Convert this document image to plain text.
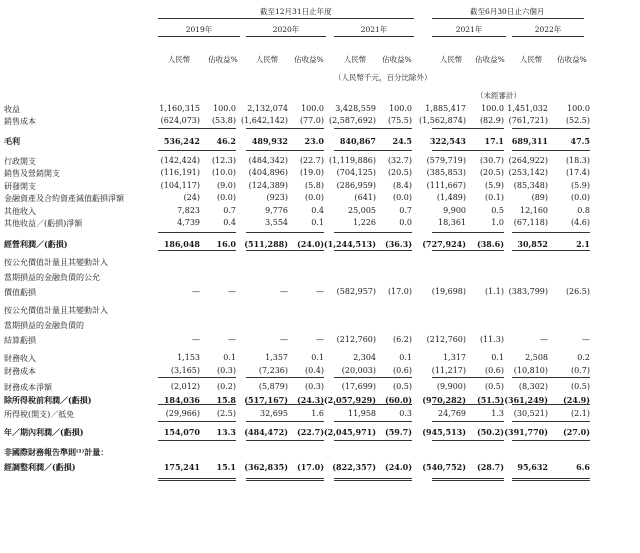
截至12月31日止年度	截至6月30日止六個月
2019年	2020年	2021年	2021年	2022年
人民幣	佔收益%	人民幣	佔收益%	人民幣	佔收益%	人民幣	佔收益%	人民幣	佔收益%
（人民幣千元，百分比除外）
（未經審計）
收益	1,160,315 100.0 2,132,074 100.0 3,428,559 100.0 1,885,417 100.0 1,451,032 100.0
銷售成本	(624,073) (53.8) (1,642,142) (77.0) (2,587,692) (75.5) (1,562,874) (82.9) (761,721) (52.5)
毛利	536,242 46.2 489,932 23.0 840,867 24.5 322,543 17.1 689,311	47.5
行政開支	(142,424) (12.3) (484,342) (22.7) (1,119,886) (32.7) (579,719) (30.7) (264,922) (18.3)
銷售及營銷開支	(116,191) (10.0) (404,896) (19.0) (704,125) (20.5) (385,853) (20.5) (253,142) (17.4)
研發開支	(104,117) (9.0) (124,389) (5.8) (286,959) (8.4) (111,667) (5.9) (85,348)	(5.9)
金融資產及合約資產減值虧損淨額	(24) (0.0)	(923) (0.0)	(641) (0.0)	(1,489) (0.1)	(89)	(0.0)
其他收入	7,823	0.7	9,776	0.4	25,005	0.7	9,900	0.5 12,160	0.8
其他收益／(虧損)淨額	4,739	0.4	3,554	0.1	1,226	0.0	18,361	1.0 (67,118)	(4.6)
經營利潤／(虧損)	186,048 16.0 (511,288) (24.0) (1,244,513) (36.3) (727,924) (38.6) 30,852	2.1
按公允價值計量且其變動計入
當期損益的金融負債的公允
價值虧損	—	—	—	— (582,957) (17.0) (19,698) (1.1) (383,799) (26.5)
按公允價值計量且其變動計入
當期損益的金融負債的
結算虧損	—	—	—	— (212,760) (6.2) (212,760) (11.3)	—	—
財務收入	1,153	0.1	1,357	0.1	2,304	0.1	1,317	0.1	2,508	0.2
財務成本	(3,165) (0.3)	(7,236) (0.4) (20,003) (0.6) (11,217) (0.6) (10,810)	(0.7)
財務成本淨額	(2,012) (0.2)	(5,879) (0.3) (17,699) (0.5)	(9,900) (0.5) (8,302)	(0.5)
除所得稅前利潤／(虧損)	184,036 15.8 (517,167) (24.3) (2,057,929) (60.0) (970,282) (51.5) (361,249) (24.9)
所得稅(開支)／抵免	(29,966) (2.5)	32,695	1.6	11,958	0.3	24,769	1.3 (30,521)	(2.1)
年／期內利潤／(虧損)	154,070 13.3 (484,472) (22.7) (2,045,971) (59.7) (945,513) (50.2) (391,770) (27.0)
非國際財務報告準則⁽¹⁾計量：
經調整利潤／(虧損)	175,241 15.1 (362,835) (17.0) (822,357) (24.0) (540,752) (28.7) 95,632	6.6
